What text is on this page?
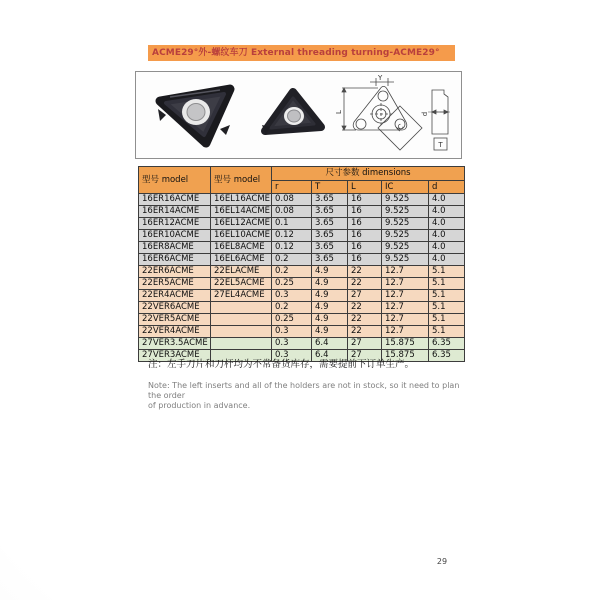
ACME29°外-螺纹车刀 External threading turning-ACME29°
Y
L
IC
d
T
型号 model	型号 model	尺寸参数 dimensions				
		r	T	L	IC	d
16ER16ACME	16EL16ACME	0.08	3.65	16	9.525	4.0
16ER14ACME	16EL14ACME	0.08	3.65	16	9.525	4.0
16ER12ACME	16EL12ACME	0.1	3.65	16	9.525	4.0
16ER10ACME	16EL10ACME	0.12	3.65	16	9.525	4.0
16ER8ACME	16EL8ACME	0.12	3.65	16	9.525	4.0
16ER6ACME	16EL6ACME	0.2	3.65	16	9.525	4.0
22ER6ACME	22ELACME	0.2	4.9	22	12.7	5.1
22ER5ACME	22EL5ACME	0.25	4.9	22	12.7	5.1
22ER4ACME	27EL4ACME	0.3	4.9	27	12.7	5.1
22VER6ACME		0.2	4.9	22	12.7	5.1
22VER5ACME		0.25	4.9	22	12.7	5.1
22VER4ACME		0.3	4.9	22	12.7	5.1
27VER3.5ACME		0.3	6.4	27	15.875	6.35
27VER3ACME		0.3	6.4	27	15.875	6.35
注：左手刀片和刀杆均为不常备货库存，需要提前下订单生产。
Note: The left inserts and all of the holders are not in stock, so it need to plan the order
of production in advance.
29
